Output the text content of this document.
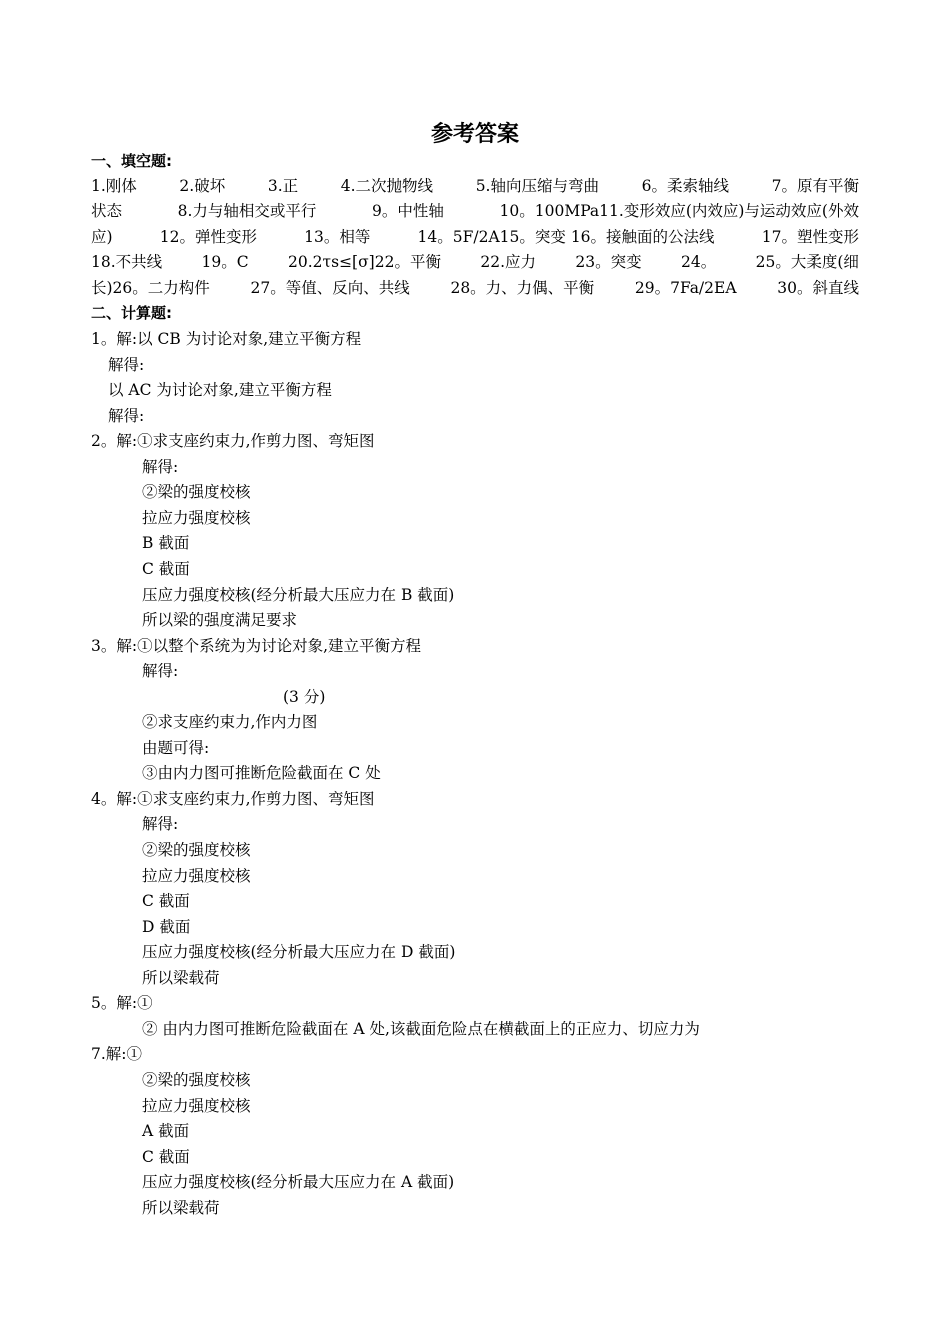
参考答案
一、填空题:
1.刚体	2.破坏	3.正	4.二次抛物线	5.轴向压缩与弯曲	6。柔索轴线	7。原有平衡
状态	8.力与轴相交或平行	9。中性轴	10。100MPa11.变形效应(内效应)与运动效应(外效
应)	12。弹性变形	13。相等	14。5F/2A15。突变 16。接触面的公法线	17。塑性变形
18.不共线	19。C	20.2τs≤[σ]22。平衡	22.应力	23。突变	24。	25。大柔度(细
长)26。二力构件	27。等值、反向、共线	28。力、力偶、平衡	29。7Fa/2EA	30。斜直线
二、计算题:
1。解:以 CB 为讨论对象,建立平衡方程
解得:
以 AC 为讨论对象,建立平衡方程
解得:
2。解:①求支座约束力,作剪力图、弯矩图
解得:
②梁的强度校核
拉应力强度校核
B 截面
C 截面
压应力强度校核(经分析最大压应力在 B 截面)
所以梁的强度满足要求
3。解:①以整个系统为为讨论对象,建立平衡方程
解得:
(3 分)
②求支座约束力,作内力图
由题可得:
③由内力图可推断危险截面在 C 处
4。解:①求支座约束力,作剪力图、弯矩图
解得:
②梁的强度校核
拉应力强度校核
C 截面
D 截面
压应力强度校核(经分析最大压应力在 D 截面)
所以梁载荷
5。解:①
② 由内力图可推断危险截面在 A 处,该截面危险点在横截面上的正应力、切应力为
7.解:①
②梁的强度校核
拉应力强度校核
A 截面
C 截面
压应力强度校核(经分析最大压应力在 A 截面)
所以梁载荷
